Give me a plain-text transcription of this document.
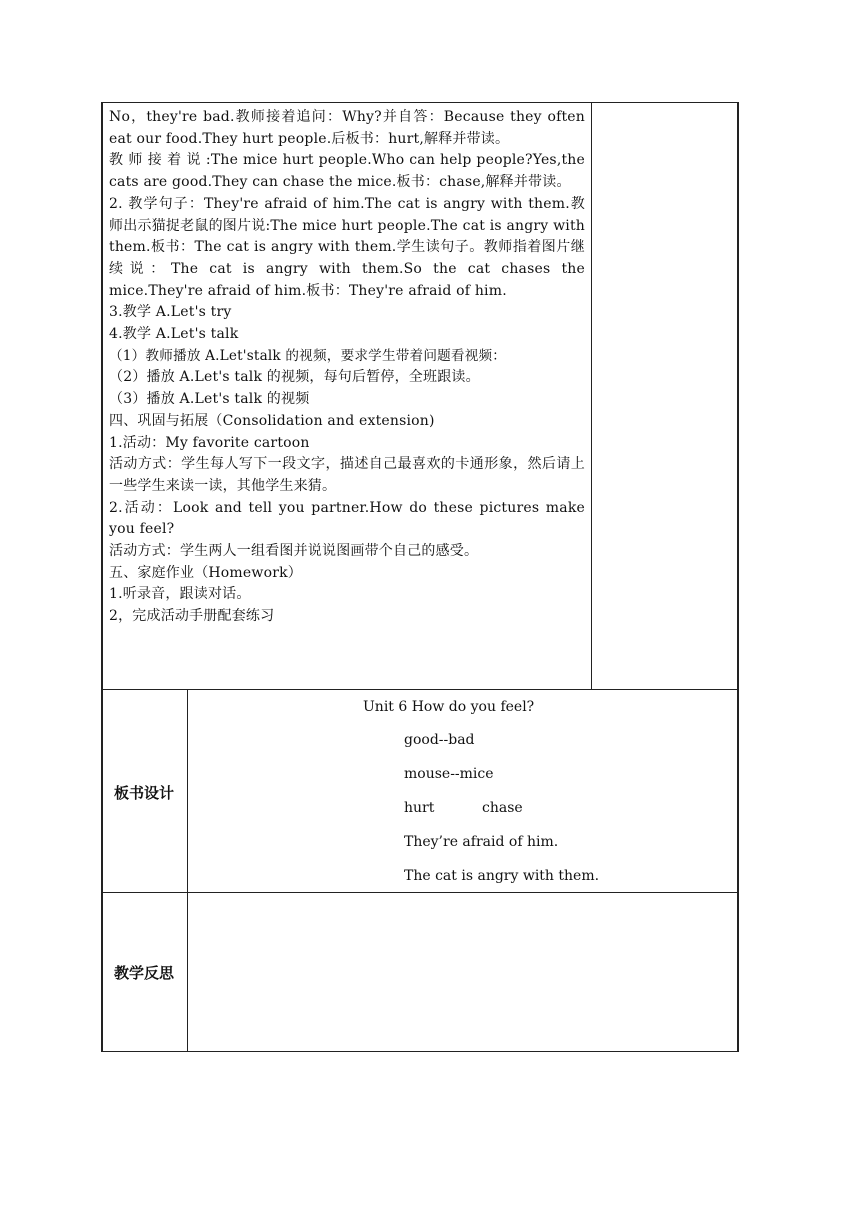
No，they're bad.教师接着追问：Why?并自答：Because they often eat our food.They hurt people.后板书：hurt,解释并带读。

教 师 接 着 说 :The mice hurt people.Who can help people?Yes,the cats are good.They can chase the mice.板书：chase,解释并带读。

2. 教学句子：They're afraid of him.The cat is angry with them.教师出示猫捉老鼠的图片说:The mice hurt people.The cat is angry with them.板书：The cat is angry with them.学生读句子。教师指着图片继续说：The cat is angry with them.So the cat chases the mice.They're afraid of him.板书：They're afraid of him.

3.教学 A.Let's try

4.教学 A.Let's talk

（1）教师播放 A.Let'stalk 的视频，要求学生带着问题看视频：

（2）播放 A.Let's talk 的视频，每句后暂停，全班跟读。

（3）播放 A.Let's talk 的视频

四、巩固与拓展（Consolidation and extension)

1.活动：My favorite cartoon

活动方式：学生每人写下一段文字，描述自己最喜欢的卡通形象，然后请上一些学生来读一读，其他学生来猜。

2.活动：Look and tell you partner.How do these pictures make you feel?

活动方式：学生两人一组看图并说说图画带个自己的感受。

五、家庭作业（Homework）

1.听录音，跟读对话。

2，完成活动手册配套练习

板书设计
Unit 6 How do you feel?
good--bad
mouse--mice
hurt	chase
They’re afraid of him.
The cat is angry with them.
教学反思
